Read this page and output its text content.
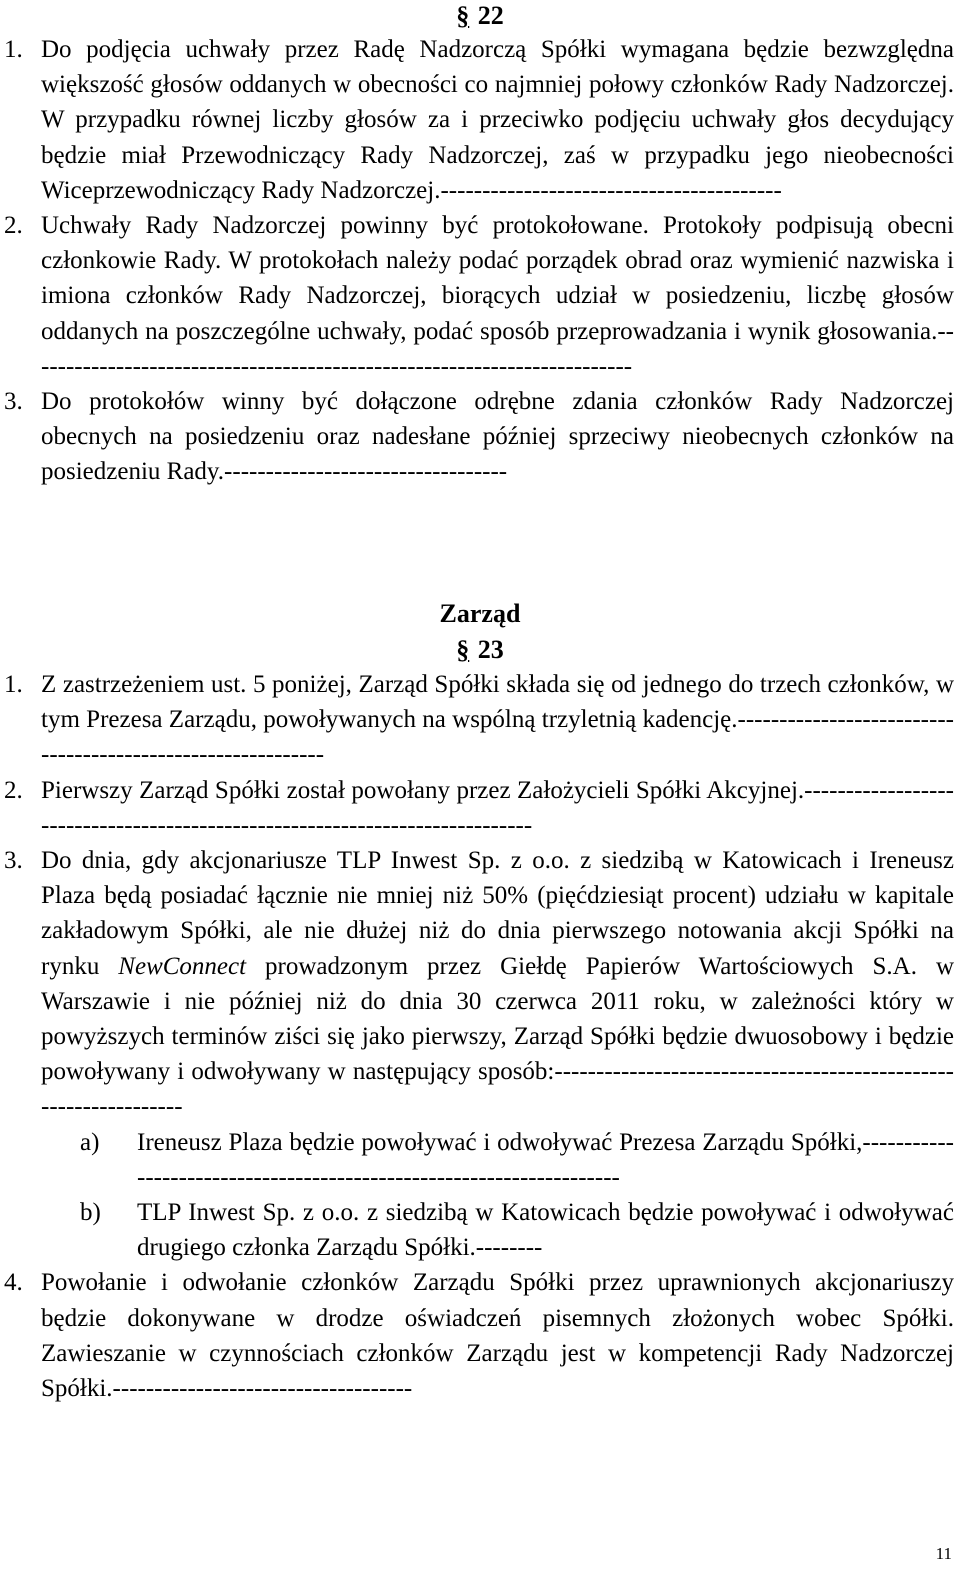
§ 22
1. Do podjęcia uchwały przez Radę Nadzorczą Spółki wymagana będzie bezwzględna większość głosów oddanych w obecności co najmniej połowy członków Rady Nadzorczej. W przypadku równej liczby głosów za i przeciwko podjęciu uchwały głos decydujący będzie miał Przewodniczący Rady Nadzorczej, zaś w przypadku jego nieobecności Wiceprzewodniczący Rady Nadzorczej.-----------------------------------------
2. Uchwały Rady Nadzorczej powinny być protokołowane. Protokoły podpisują obecni członkowie Rady. W protokołach należy podać porządek obrad oraz wymienić nazwiska i imiona członków Rady Nadzorczej, biorących udział w posiedzeniu, liczbę głosów oddanych na poszczególne uchwały, podać sposób przeprowadzania i wynik głosowania.-------------------------------------------------------------------------
3. Do protokołów winny być dołączone odrębne zdania członków Rady Nadzorczej obecnych na posiedzeniu oraz nadesłane później sprzeciwy nieobecnych członków na posiedzeniu Rady.----------------------------------
Zarząd
§ 23
1. Z zastrzeżeniem ust. 5 poniżej, Zarząd Spółki składa się od jednego do trzech członków, w tym Prezesa Zarządu, powoływanych na wspólną trzyletnią kadencję.------------------------------------------------------------
2. Pierwszy Zarząd Spółki został powołany przez Założycieli Spółki Akcyjnej.-----------------------------------------------------------------------------
3. Do dnia, gdy akcjonariusze TLP Inwest Sp. z o.o. z siedzibą w Katowicach i Ireneusz Plaza będą posiadać łącznie nie mniej niż 50% (pięćdziesiąt procent) udziału w kapitale zakładowym Spółki, ale nie dłużej niż do dnia pierwszego notowania akcji Spółki na rynku NewConnect prowadzonym przez Giełdę Papierów Wartościowych S.A. w Warszawie i nie później niż do dnia 30 czerwca 2011 roku, w zależności który w powyższych terminów ziści się jako pierwszy, Zarząd Spółki będzie dwuosobowy i będzie powoływany i odwoływany w następujący sposób:-----------------------------------------------------------------
a) Ireneusz Plaza będzie powoływać i odwoływać Prezesa Zarządu Spółki,---------------------------------------------------------------------
b) TLP Inwest Sp. z o.o. z siedzibą w Katowicach będzie powoływać i odwoływać drugiego członka Zarządu Spółki.--------
4. Powołanie i odwołanie członków Zarządu Spółki przez uprawnionych akcjonariuszy będzie dokonywane w drodze oświadczeń pisemnych złożonych wobec Spółki. Zawieszanie w czynnościach członków Zarządu jest w kompetencji Rady Nadzorczej Spółki.------------------------------------
11
